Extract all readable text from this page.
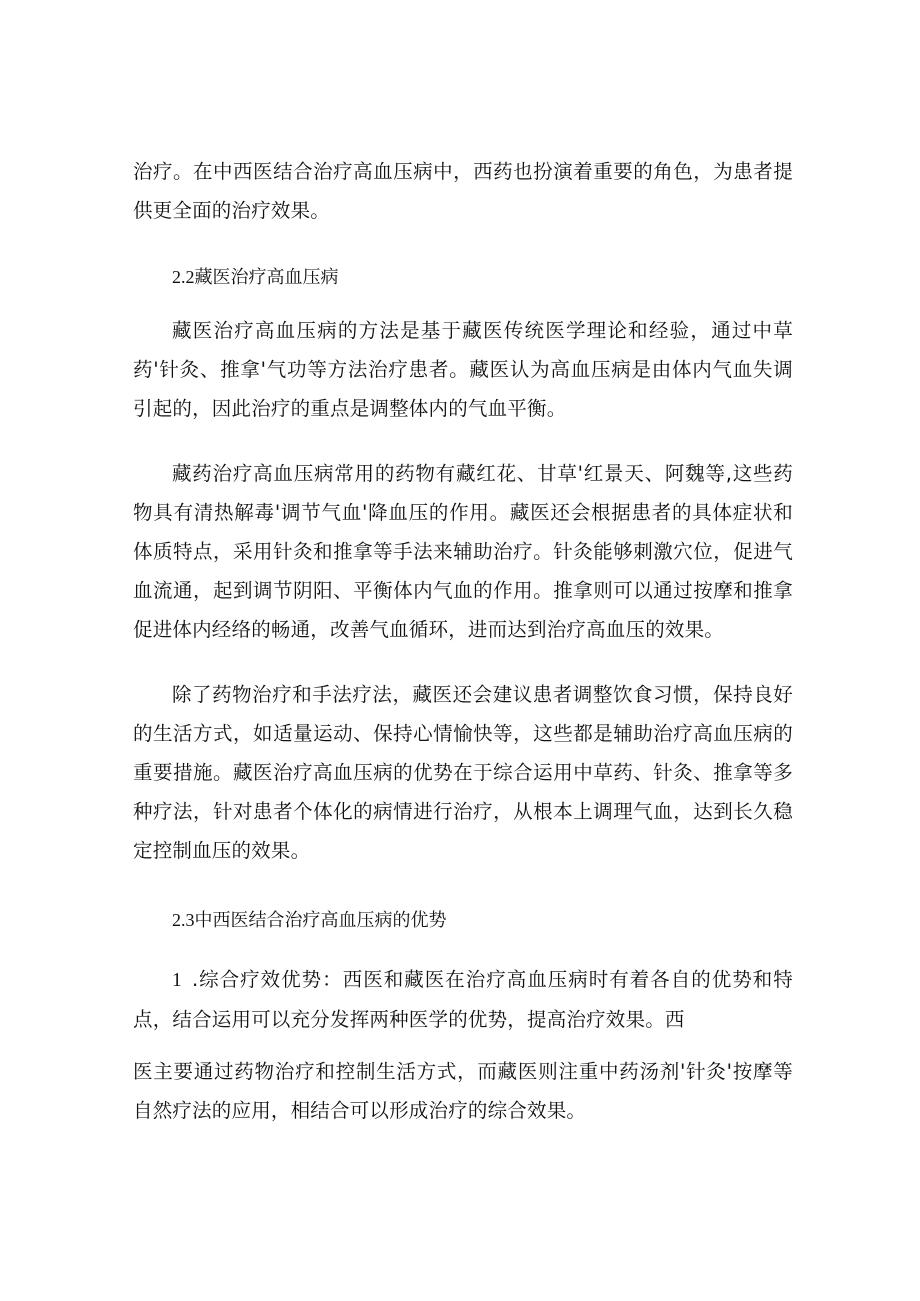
治疗。在中西医结合治疗高血压病中，西药也扮演着重要的角色，为患者提供更全面的治疗效果。

2.2藏医治疗高血压病

藏医治疗高血压病的方法是基于藏医传统医学理论和经验，通过中草药'针灸、推拿'气功等方法治疗患者。藏医认为高血压病是由体内气血失调引起的，因此治疗的重点是调整体内的气血平衡。

藏药治疗高血压病常用的药物有藏红花、甘草'红景天、阿魏等,这些药物具有清热解毒'调节气血'降血压的作用。藏医还会根据患者的具体症状和体质特点，采用针灸和推拿等手法来辅助治疗。针灸能够刺激穴位，促进气血流通，起到调节阴阳、平衡体内气血的作用。推拿则可以通过按摩和推拿促进体内经络的畅通，改善气血循环，进而达到治疗高血压的效果。

除了药物治疗和手法疗法，藏医还会建议患者调整饮食习惯，保持良好的生活方式，如适量运动、保持心情愉快等，这些都是辅助治疗高血压病的重要措施。藏医治疗高血压病的优势在于综合运用中草药、针灸、推拿等多种疗法，针对患者个体化的病情进行治疗，从根本上调理气血，达到长久稳定控制血压的效果。

2.3中西医结合治疗高血压病的优势

1 .综合疗效优势：西医和藏医在治疗高血压病时有着各自的优势和特点，结合运用可以充分发挥两种医学的优势，提高治疗效果。西

医主要通过药物治疗和控制生活方式，而藏医则注重中药汤剂'针灸'按摩等自然疗法的应用，相结合可以形成治疗的综合效果。
